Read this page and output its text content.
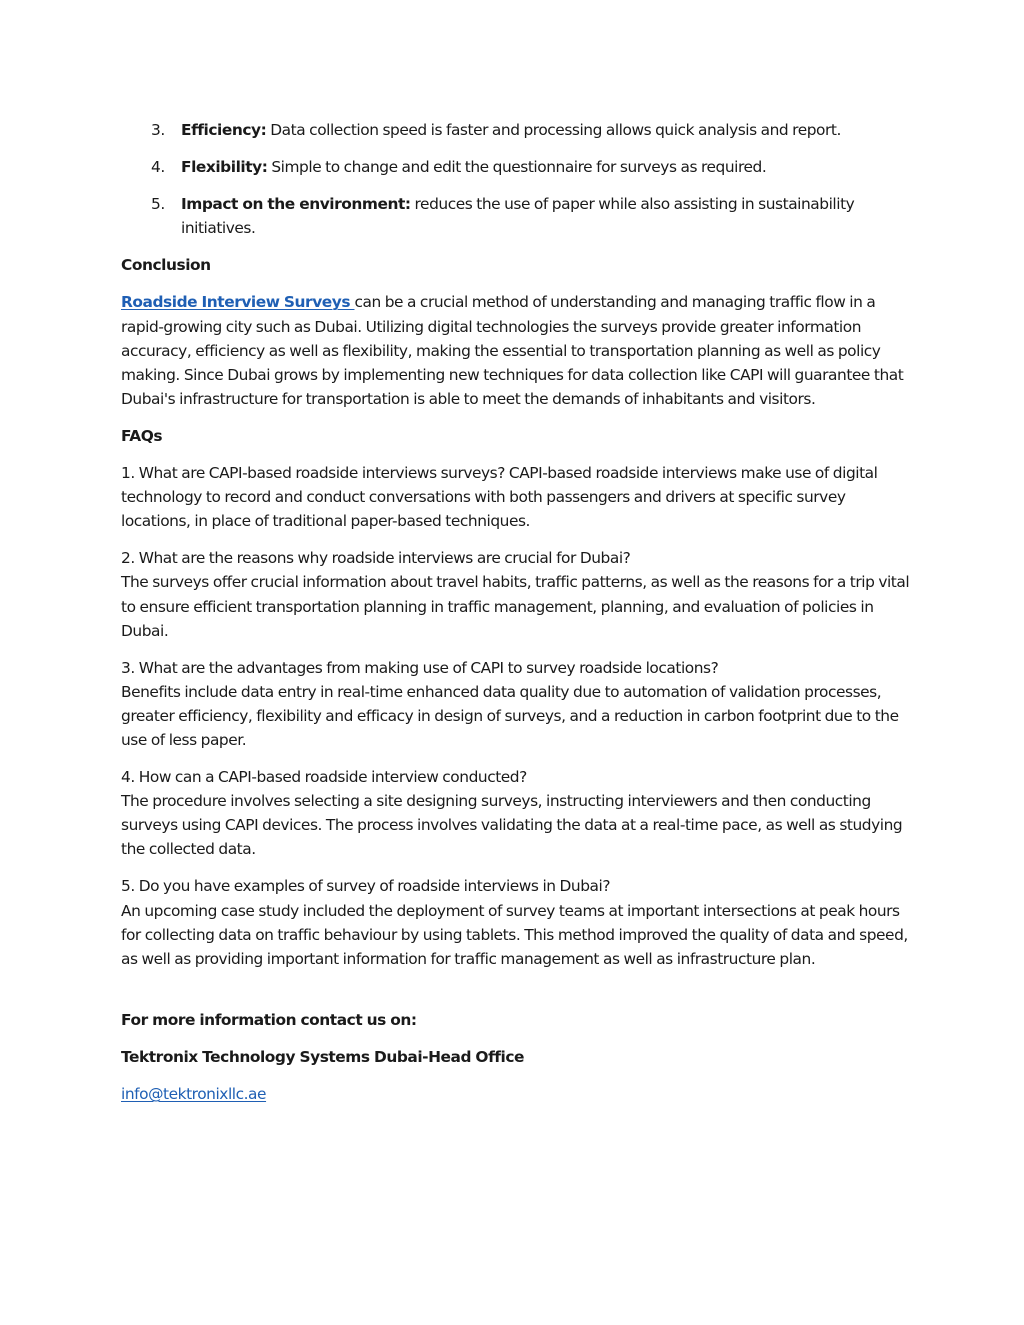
3. Efficiency: Data collection speed is faster and processing allows quick analysis and report.
4. Flexibility: Simple to change and edit the questionnaire for surveys as required.
5. Impact on the environment: reduces the use of paper while also assisting in sustainability initiatives.

Conclusion

Roadside Interview Surveys can be a crucial method of understanding and managing traffic flow in a rapid-growing city such as Dubai. Utilizing digital technologies the surveys provide greater information accuracy, efficiency as well as flexibility, making the essential to transportation planning as well as policy making. Since Dubai grows by implementing new techniques for data collection like CAPI will guarantee that Dubai's infrastructure for transportation is able to meet the demands of inhabitants and visitors.

FAQs

1. What are CAPI-based roadside interviews surveys? CAPI-based roadside interviews make use of digital technology to record and conduct conversations with both passengers and drivers at specific survey locations, in place of traditional paper-based techniques.

2. What are the reasons why roadside interviews are crucial for Dubai?
The surveys offer crucial information about travel habits, traffic patterns, as well as the reasons for a trip vital to ensure efficient transportation planning in traffic management, planning, and evaluation of policies in Dubai.

3. What are the advantages from making use of CAPI to survey roadside locations?
Benefits include data entry in real-time enhanced data quality due to automation of validation processes, greater efficiency, flexibility and efficacy in design of surveys, and a reduction in carbon footprint due to the use of less paper.

4. How can a CAPI-based roadside interview conducted?
The procedure involves selecting a site designing surveys, instructing interviewers and then conducting surveys using CAPI devices. The process involves validating the data at a real-time pace, as well as studying the collected data.

5. Do you have examples of survey of roadside interviews in Dubai?
An upcoming case study included the deployment of survey teams at important intersections at peak hours for collecting data on traffic behaviour by using tablets. This method improved the quality of data and speed, as well as providing important information for traffic management as well as infrastructure plan.

For more information contact us on:

Tektronix Technology Systems Dubai-Head Office

info@tektronixllc.ae
